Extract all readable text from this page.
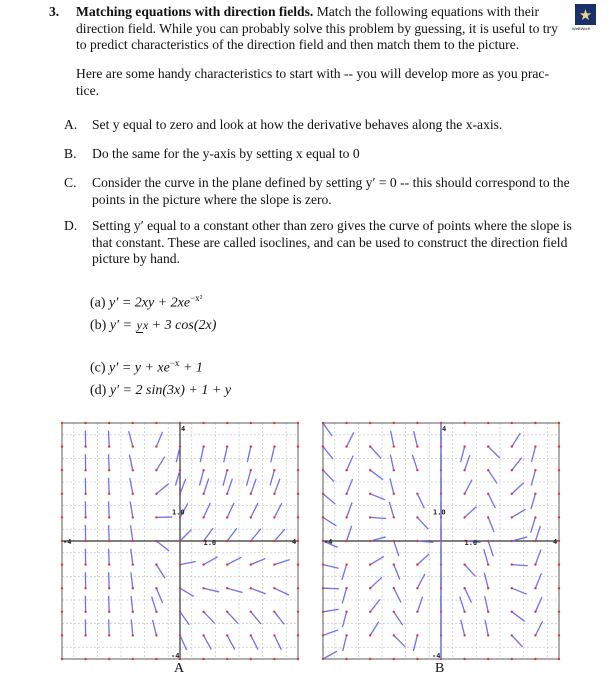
3. Matching equations with direction fields. Match the following equations with their direction field. While you can probably solve this problem by guessing, it is useful to try to predict characteristics of the direction field and then match them to the picture.
★
WeBWorK
Here are some handy characteristics to start with -- you will develop more as you prac- tice.
A. Set y equal to zero and look at how the derivative behaves along the x-axis.
B. Do the same for the y-axis by setting x equal to 0
C. Consider the curve in the plane defined by setting y′ = 0 -- this should correspond to the points in the picture where the slope is zero.
D. Setting y′ equal to a constant other than zero gives the curve of points where the slope is that constant. These are called isoclines, and can be used to construct the direction field picture by hand.
(a) $y' = 2xy + 2xe^{-x^2}$
(b) y′ = yx + 3 cos(2x)
(c) $y' = y + xe^{-x} + 1$
(d) y′ = 2 sin(3x) + 1 + y
-4	4
4
-4
1.0
1.0
-4	4
4
-4
1.0
1.0
A	B
